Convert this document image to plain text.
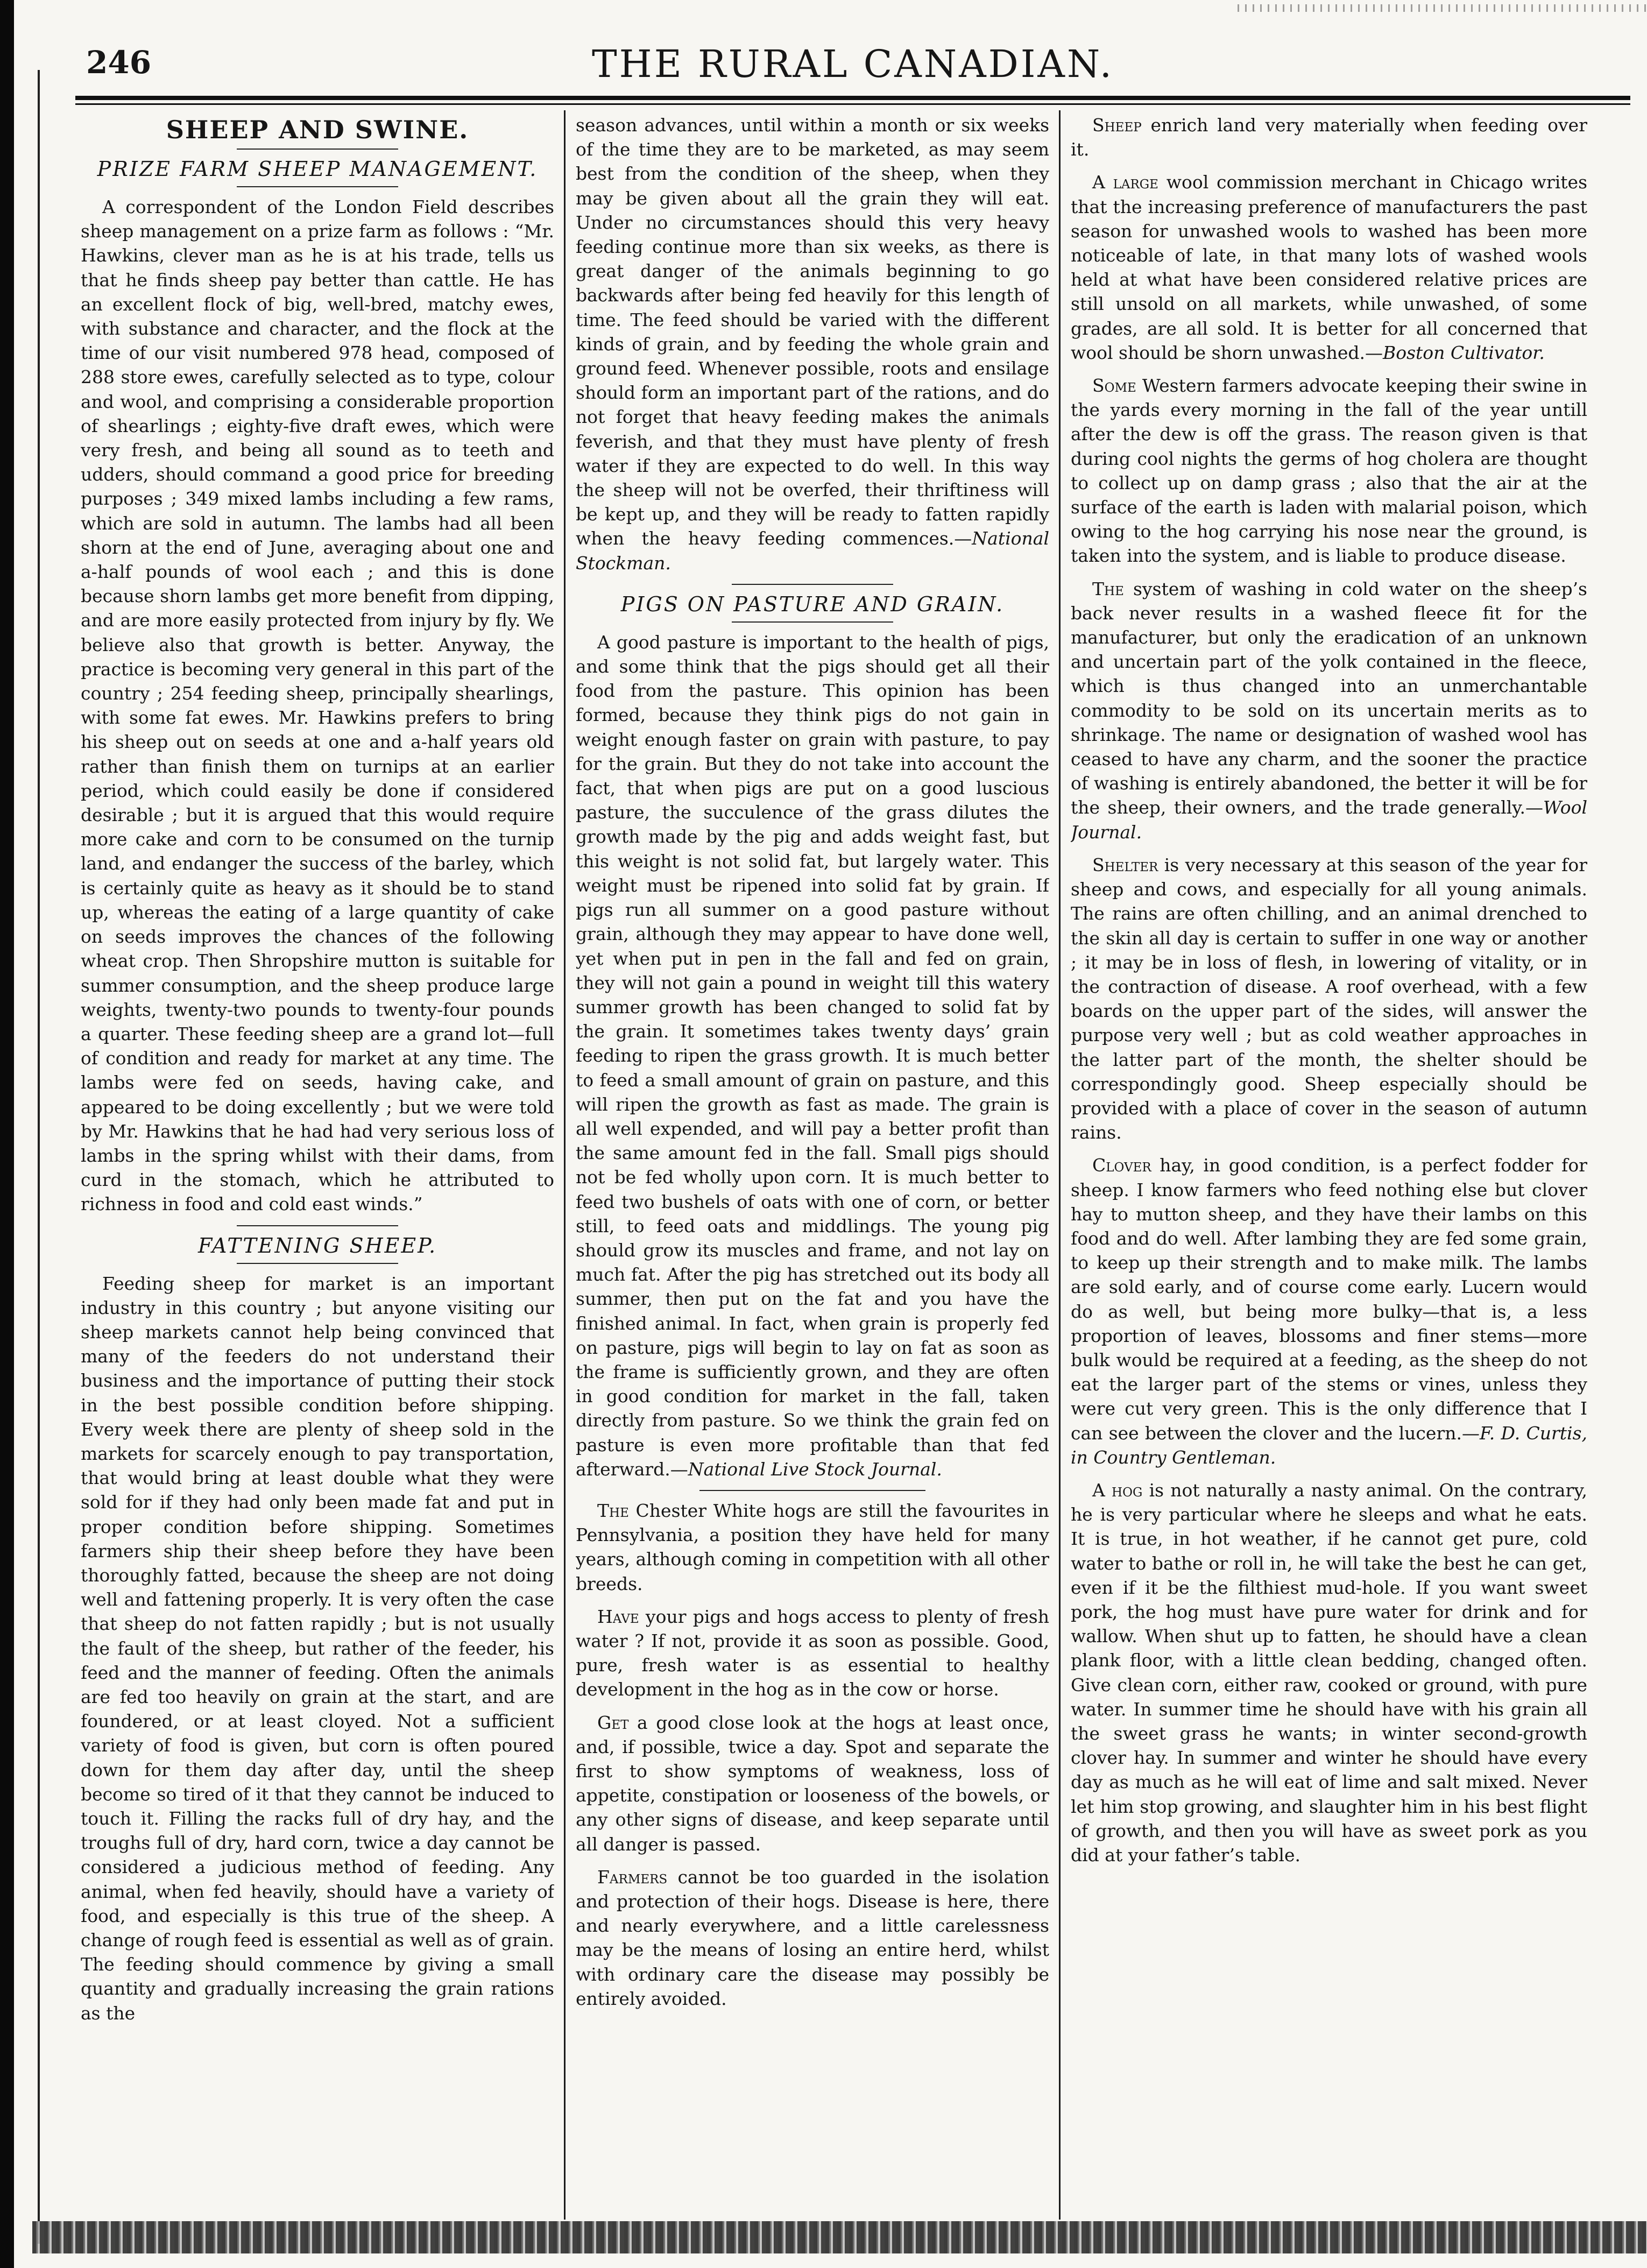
246	THE RURAL CANADIAN.
SHEEP AND SWINE.
PRIZE FARM SHEEP MANAGEMENT.

A correspondent of the London Field describes sheep management on a prize farm as follows : “Mr. Hawkins, clever man as he is at his trade, tells us that he finds sheep pay better than cattle. He has an excellent flock of big, well-bred, matchy ewes, with substance and character, and the flock at the time of our visit numbered 978 head, composed of 288 store ewes, carefully selected as to type, colour and wool, and comprising a considerable proportion of shearlings ; eighty-five draft ewes, which were very fresh, and being all sound as to teeth and udders, should command a good price for breeding purposes ; 349 mixed lambs including a few rams, which are sold in autumn. The lambs had all been shorn at the end of June, averaging about one and a-half pounds of wool each ; and this is done because shorn lambs get more benefit from dipping, and are more easily protected from injury by fly. We believe also that growth is better. Anyway, the practice is becoming very general in this part of the country ; 254 feeding sheep, principally shearlings, with some fat ewes. Mr. Hawkins prefers to bring his sheep out on seeds at one and a-half years old rather than finish them on turnips at an earlier period, which could easily be done if considered desirable ; but it is argued that this would require more cake and corn to be consumed on the turnip land, and endanger the success of the barley, which is certainly quite as heavy as it should be to stand up, whereas the eating of a large quantity of cake on seeds improves the chances of the following wheat crop. Then Shropshire mutton is suitable for summer consumption, and the sheep produce large weights, twenty-two pounds to twenty-four pounds a quarter. These feeding sheep are a grand lot—full of condition and ready for market at any time. The lambs were fed on seeds, having cake, and appeared to be doing excellently ; but we were told by Mr. Hawkins that he had had very serious loss of lambs in the spring whilst with their dams, from curd in the stomach, which he attributed to richness in food and cold east winds.”

FATTENING SHEEP.

Feeding sheep for market is an important industry in this country ; but anyone visiting our sheep markets cannot help being convinced that many of the feeders do not understand their business and the importance of putting their stock in the best possible condition before shipping. Every week there are plenty of sheep sold in the markets for scarcely enough to pay transportation, that would bring at least double what they were sold for if they had only been made fat and put in proper condition before shipping. Sometimes farmers ship their sheep before they have been thoroughly fatted, because the sheep are not doing well and fattening properly. It is very often the case that sheep do not fatten rapidly ; but is not usually the fault of the sheep, but rather of the feeder, his feed and the manner of feeding. Often the animals are fed too heavily on grain at the start, and are foundered, or at least cloyed. Not a sufficient variety of food is given, but corn is often poured down for them day after day, until the sheep become so tired of it that they cannot be induced to touch it. Filling the racks full of dry hay, and the troughs full of dry, hard corn, twice a day cannot be considered a judicious method of feeding. Any animal, when fed heavily, should have a variety of food, and especially is this true of the sheep. A change of rough feed is essential as well as of grain. The feeding should commence by giving a small quantity and gradually increasing the grain rations as the

season advances, until within a month or six weeks of the time they are to be marketed, as may seem best from the condition of the sheep, when they may be given about all the grain they will eat. Under no circumstances should this very heavy feeding continue more than six weeks, as there is great danger of the animals beginning to go backwards after being fed heavily for this length of time. The feed should be varied with the different kinds of grain, and by feeding the whole grain and ground feed. Whenever possible, roots and ensilage should form an important part of the rations, and do not forget that heavy feeding makes the animals feverish, and that they must have plenty of fresh water if they are expected to do well. In this way the sheep will not be overfed, their thriftiness will be kept up, and they will be ready to fatten rapidly when the heavy feeding commences.—National Stockman.

PIGS ON PASTURE AND GRAIN.

A good pasture is important to the health of pigs, and some think that the pigs should get all their food from the pasture. This opinion has been formed, because they think pigs do not gain in weight enough faster on grain with pasture, to pay for the grain. But they do not take into account the fact, that when pigs are put on a good luscious pasture, the succulence of the grass dilutes the growth made by the pig and adds weight fast, but this weight is not solid fat, but largely water. This weight must be ripened into solid fat by grain. If pigs run all summer on a good pasture without grain, although they may appear to have done well, yet when put in pen in the fall and fed on grain, they will not gain a pound in weight till this watery summer growth has been changed to solid fat by the grain. It sometimes takes twenty days’ grain feeding to ripen the grass growth. It is much better to feed a small amount of grain on pasture, and this will ripen the growth as fast as made. The grain is all well expended, and will pay a better profit than the same amount fed in the fall. Small pigs should not be fed wholly upon corn. It is much better to feed two bushels of oats with one of corn, or better still, to feed oats and middlings. The young pig should grow its muscles and frame, and not lay on much fat. After the pig has stretched out its body all summer, then put on the fat and you have the finished animal. In fact, when grain is properly fed on pasture, pigs will begin to lay on fat as soon as the frame is sufficiently grown, and they are often in good condition for market in the fall, taken directly from pasture. So we think the grain fed on pasture is even more profitable than that fed afterward.—National Live Stock Journal.

The Chester White hogs are still the favourites in Pennsylvania, a position they have held for many years, although coming in competition with all other breeds.

Have your pigs and hogs access to plenty of fresh water ? If not, provide it as soon as possible. Good, pure, fresh water is as essential to healthy development in the hog as in the cow or horse.

Get a good close look at the hogs at least once, and, if possible, twice a day. Spot and separate the first to show symptoms of weakness, loss of appetite, constipation or looseness of the bowels, or any other signs of disease, and keep separate until all danger is passed.

Farmers cannot be too guarded in the isolation and protection of their hogs. Disease is here, there and nearly everywhere, and a little carelessness may be the means of losing an entire herd, whilst with ordinary care the disease may possibly be entirely avoided.

Sheep enrich land very materially when feeding over it.

A large wool commission merchant in Chicago writes that the increasing preference of manufacturers the past season for unwashed wools to washed has been more noticeable of late, in that many lots of washed wools held at what have been considered relative prices are still unsold on all markets, while unwashed, of some grades, are all sold. It is better for all concerned that wool should be shorn unwashed.—Boston Cultivator.

Some Western farmers advocate keeping their swine in the yards every morning in the fall of the year untill after the dew is off the grass. The reason given is that during cool nights the germs of hog cholera are thought to collect up on damp grass ; also that the air at the surface of the earth is laden with malarial poison, which owing to the hog carrying his nose near the ground, is taken into the system, and is liable to produce disease.

The system of washing in cold water on the sheep’s back never results in a washed fleece fit for the manufacturer, but only the eradication of an unknown and uncertain part of the yolk contained in the fleece, which is thus changed into an unmerchantable commodity to be sold on its uncertain merits as to shrinkage. The name or designation of washed wool has ceased to have any charm, and the sooner the practice of washing is entirely abandoned, the better it will be for the sheep, their owners, and the trade generally.—Wool Journal.

Shelter is very necessary at this season of the year for sheep and cows, and especially for all young animals. The rains are often chilling, and an animal drenched to the skin all day is certain to suffer in one way or another ; it may be in loss of flesh, in lowering of vitality, or in the contraction of disease. A roof overhead, with a few boards on the upper part of the sides, will answer the purpose very well ; but as cold weather approaches in the latter part of the month, the shelter should be correspondingly good. Sheep especially should be provided with a place of cover in the season of autumn rains.

Clover hay, in good condition, is a perfect fodder for sheep. I know farmers who feed nothing else but clover hay to mutton sheep, and they have their lambs on this food and do well. After lambing they are fed some grain, to keep up their strength and to make milk. The lambs are sold early, and of course come early. Lucern would do as well, but being more bulky—that is, a less proportion of leaves, blossoms and finer stems—more bulk would be required at a feeding, as the sheep do not eat the larger part of the stems or vines, unless they were cut very green. This is the only difference that I can see between the clover and the lucern.—F. D. Curtis, in Country Gentleman.

A hog is not naturally a nasty animal. On the contrary, he is very particular where he sleeps and what he eats. It is true, in hot weather, if he cannot get pure, cold water to bathe or roll in, he will take the best he can get, even if it be the filthiest mud-hole. If you want sweet pork, the hog must have pure water for drink and for wallow. When shut up to fatten, he should have a clean plank floor, with a little clean bedding, changed often. Give clean corn, either raw, cooked or ground, with pure water. In summer time he should have with his grain all the sweet grass he wants; in winter second-growth clover hay. In summer and winter he should have every day as much as he will eat of lime and salt mixed. Never let him stop growing, and slaughter him in his best flight of growth, and then you will have as sweet pork as you did at your father’s table.
